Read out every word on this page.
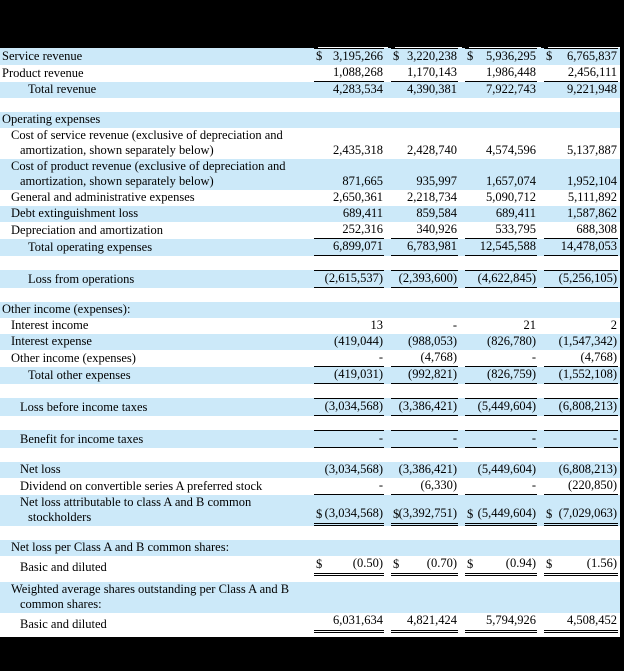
Service revenue	$ 3,195,266 $ 3,220,238 $ 5,936,295 $ 6,765,837
Product revenue	1,088,268	1,170,143	1,986,448	2,456,111
Total revenue	4,283,534	4,390,381	7,922,743	9,221,948
Operating expenses
Cost of service revenue (exclusive of depreciation and
amortization, shown separately below)	2,435,318	2,428,740	4,574,596	5,137,887
Cost of product revenue (exclusive of depreciation and
amortization, shown separately below)	871,665	935,997	1,657,074	1,952,104
General and administrative expenses	2,650,361	2,218,734	5,090,712	5,111,892
Debt extinguishment loss	689,411	859,584	689,411	1,587,862
Depreciation and amortization	252,316	340,926	533,795	688,308
Total operating expenses	6,899,071	6,783,981	12,545,588	14,478,053
Loss from operations	(2,615,537)	(2,393,600)	(4,622,845)	(5,256,105)
Other income (expenses):
Interest income	13	-	21	2
Interest expense	(419,044)	(988,053)	(826,780)	(1,547,342)
Other income (expenses)	-	(4,768)	-	(4,768)
Total other expenses	(419,031)	(992,821)	(826,759)	(1,552,108)
Loss before income taxes	(3,034,568)	(3,386,421)	(5,449,604)	(6,808,213)
Benefit for income taxes	-	-	-	-
Net loss	(3,034,568)	(3,386,421)	(5,449,604)	(6,808,213)
Dividend on convertible series A preferred stock	-	(6,330)	-	(220,850)
Net loss attributable to class A and B common
stockholders	$ (3,034,568) $ (3,392,751) $ (5,449,604) $ (7,029,063)
Net loss per Class A and B common shares:
Basic and diluted	$ (0.50) $ (0.70) $	(0.94) $	(1.56)
Weighted average shares outstanding per Class A and B
common shares:
Basic and diluted	6,031,634	4,821,424	5,794,926	4,508,452
